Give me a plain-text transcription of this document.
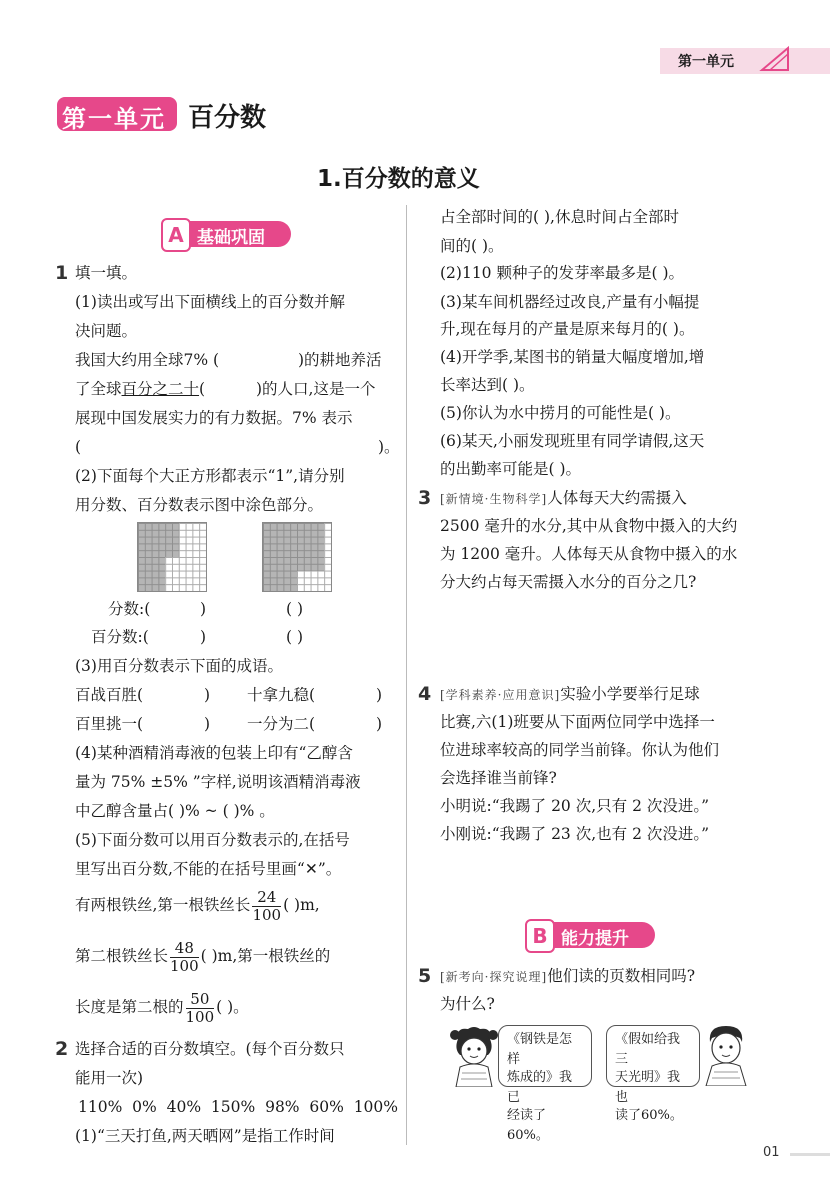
第一单元
第一单元 百分数
1.百分数的意义
A 基础巩固
1 填一填。
(1)读出或写出下面横线上的百分数并解
决问题。
我国大约用全球7% (	)的耕地养活
了全球百分之二十(	)的人口,这是一个
展现中国发展实力的有力数据。7% 表示
(	)。
(2)下面每个大正方形都表示“1”,请分别
用分数、百分数表示图中涂色部分。
分数:(	)	( )
百分数:(	)	( )
(3)用百分数表示下面的成语。
百战百胜(	) 十拿九稳(	)
百里挑一(	) 一分为二(	)
(4)某种酒精消毒液的包装上印有“乙醇含
量为 75% ±5% ”字样,说明该酒精消毒液
中乙醇含量占( )% ~ ( )% 。
(5)下面分数可以用百分数表示的,在括号
里写出百分数,不能的在括号里画“✕”。
有两根铁丝,第一根铁丝长 $\frac{24}{100}$ ( )m,
第二根铁丝长 $\frac{48}{100}$ ( )m,第一根铁丝的
长度是第二根的 $\frac{50}{100}$ ( )。
2 选择合适的百分数填空。(每个百分数只
能用一次)
110%  0%  40%  150%  98%  60%  100%
(1)“三天打鱼,两天晒网”是指工作时间
占全部时间的( ),休息时间占全部时
间的( )。
(2)110 颗种子的发芽率最多是( )。
(3)某车间机器经过改良,产量有小幅提
升,现在每月的产量是原来每月的( )。
(4)开学季,某图书的销量大幅度增加,增
长率达到( )。
(5)你认为水中捞月的可能性是( )。
(6)某天,小丽发现班里有同学请假,这天
的出勤率可能是( )。
3 [新情境·生物科学]人体每天大约需摄入
2500 毫升的水分,其中从食物中摄入的大约
为 1200 毫升。人体每天从食物中摄入的水
分大约占每天需摄入水分的百分之几?
4 [学科素养·应用意识]实验小学要举行足球
比赛,六(1)班要从下面两位同学中选择一
位进球率较高的同学当前锋。你认为他们
会选择谁当前锋?
小明说:“我踢了 20 次,只有 2 次没进。”
小刚说:“我踢了 23 次,也有 2 次没进。”
B 能力提升
5 [新考向·探究说理]他们读的页数相同吗?
为什么?
《钢铁是怎样
炼成的》我已
经读了60%。
《假如给我三
天光明》我也
读了60%。
01
